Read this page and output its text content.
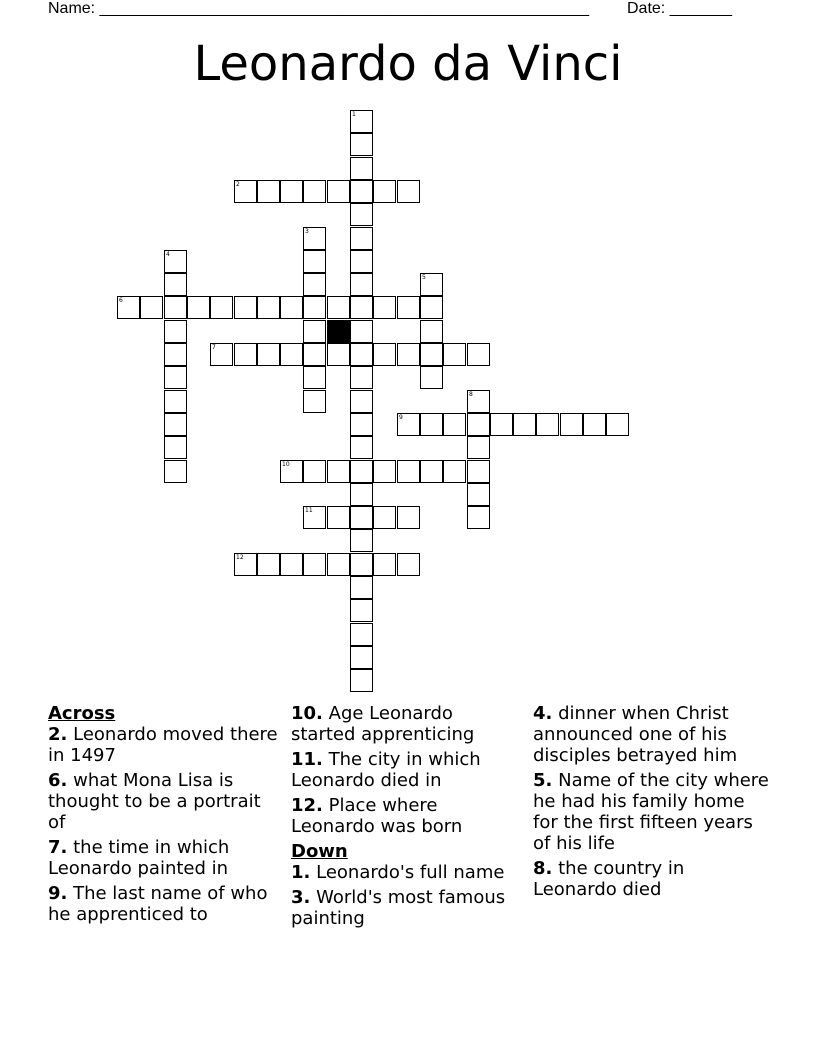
Name: _______________________________________________________ Date: _______
Leonardo da Vinci
1
2
3
4
5
6
7
8
9
10
11
12
Across
2. Leonardo moved there in 1497
6. what Mona Lisa is thought to be a portrait of
7. the time in which Leonardo painted in
9. The last name of who he apprenticed to
10. Age Leonardo started apprenticing
11. The city in which Leonardo died in
12. Place where Leonardo was born
Down
1. Leonardo's full name
3. World's most famous painting
4. dinner when Christ announced one of his disciples betrayed him
5. Name of the city where he had his family home for the first fifteen years of his life
8. the country in Leonardo died
